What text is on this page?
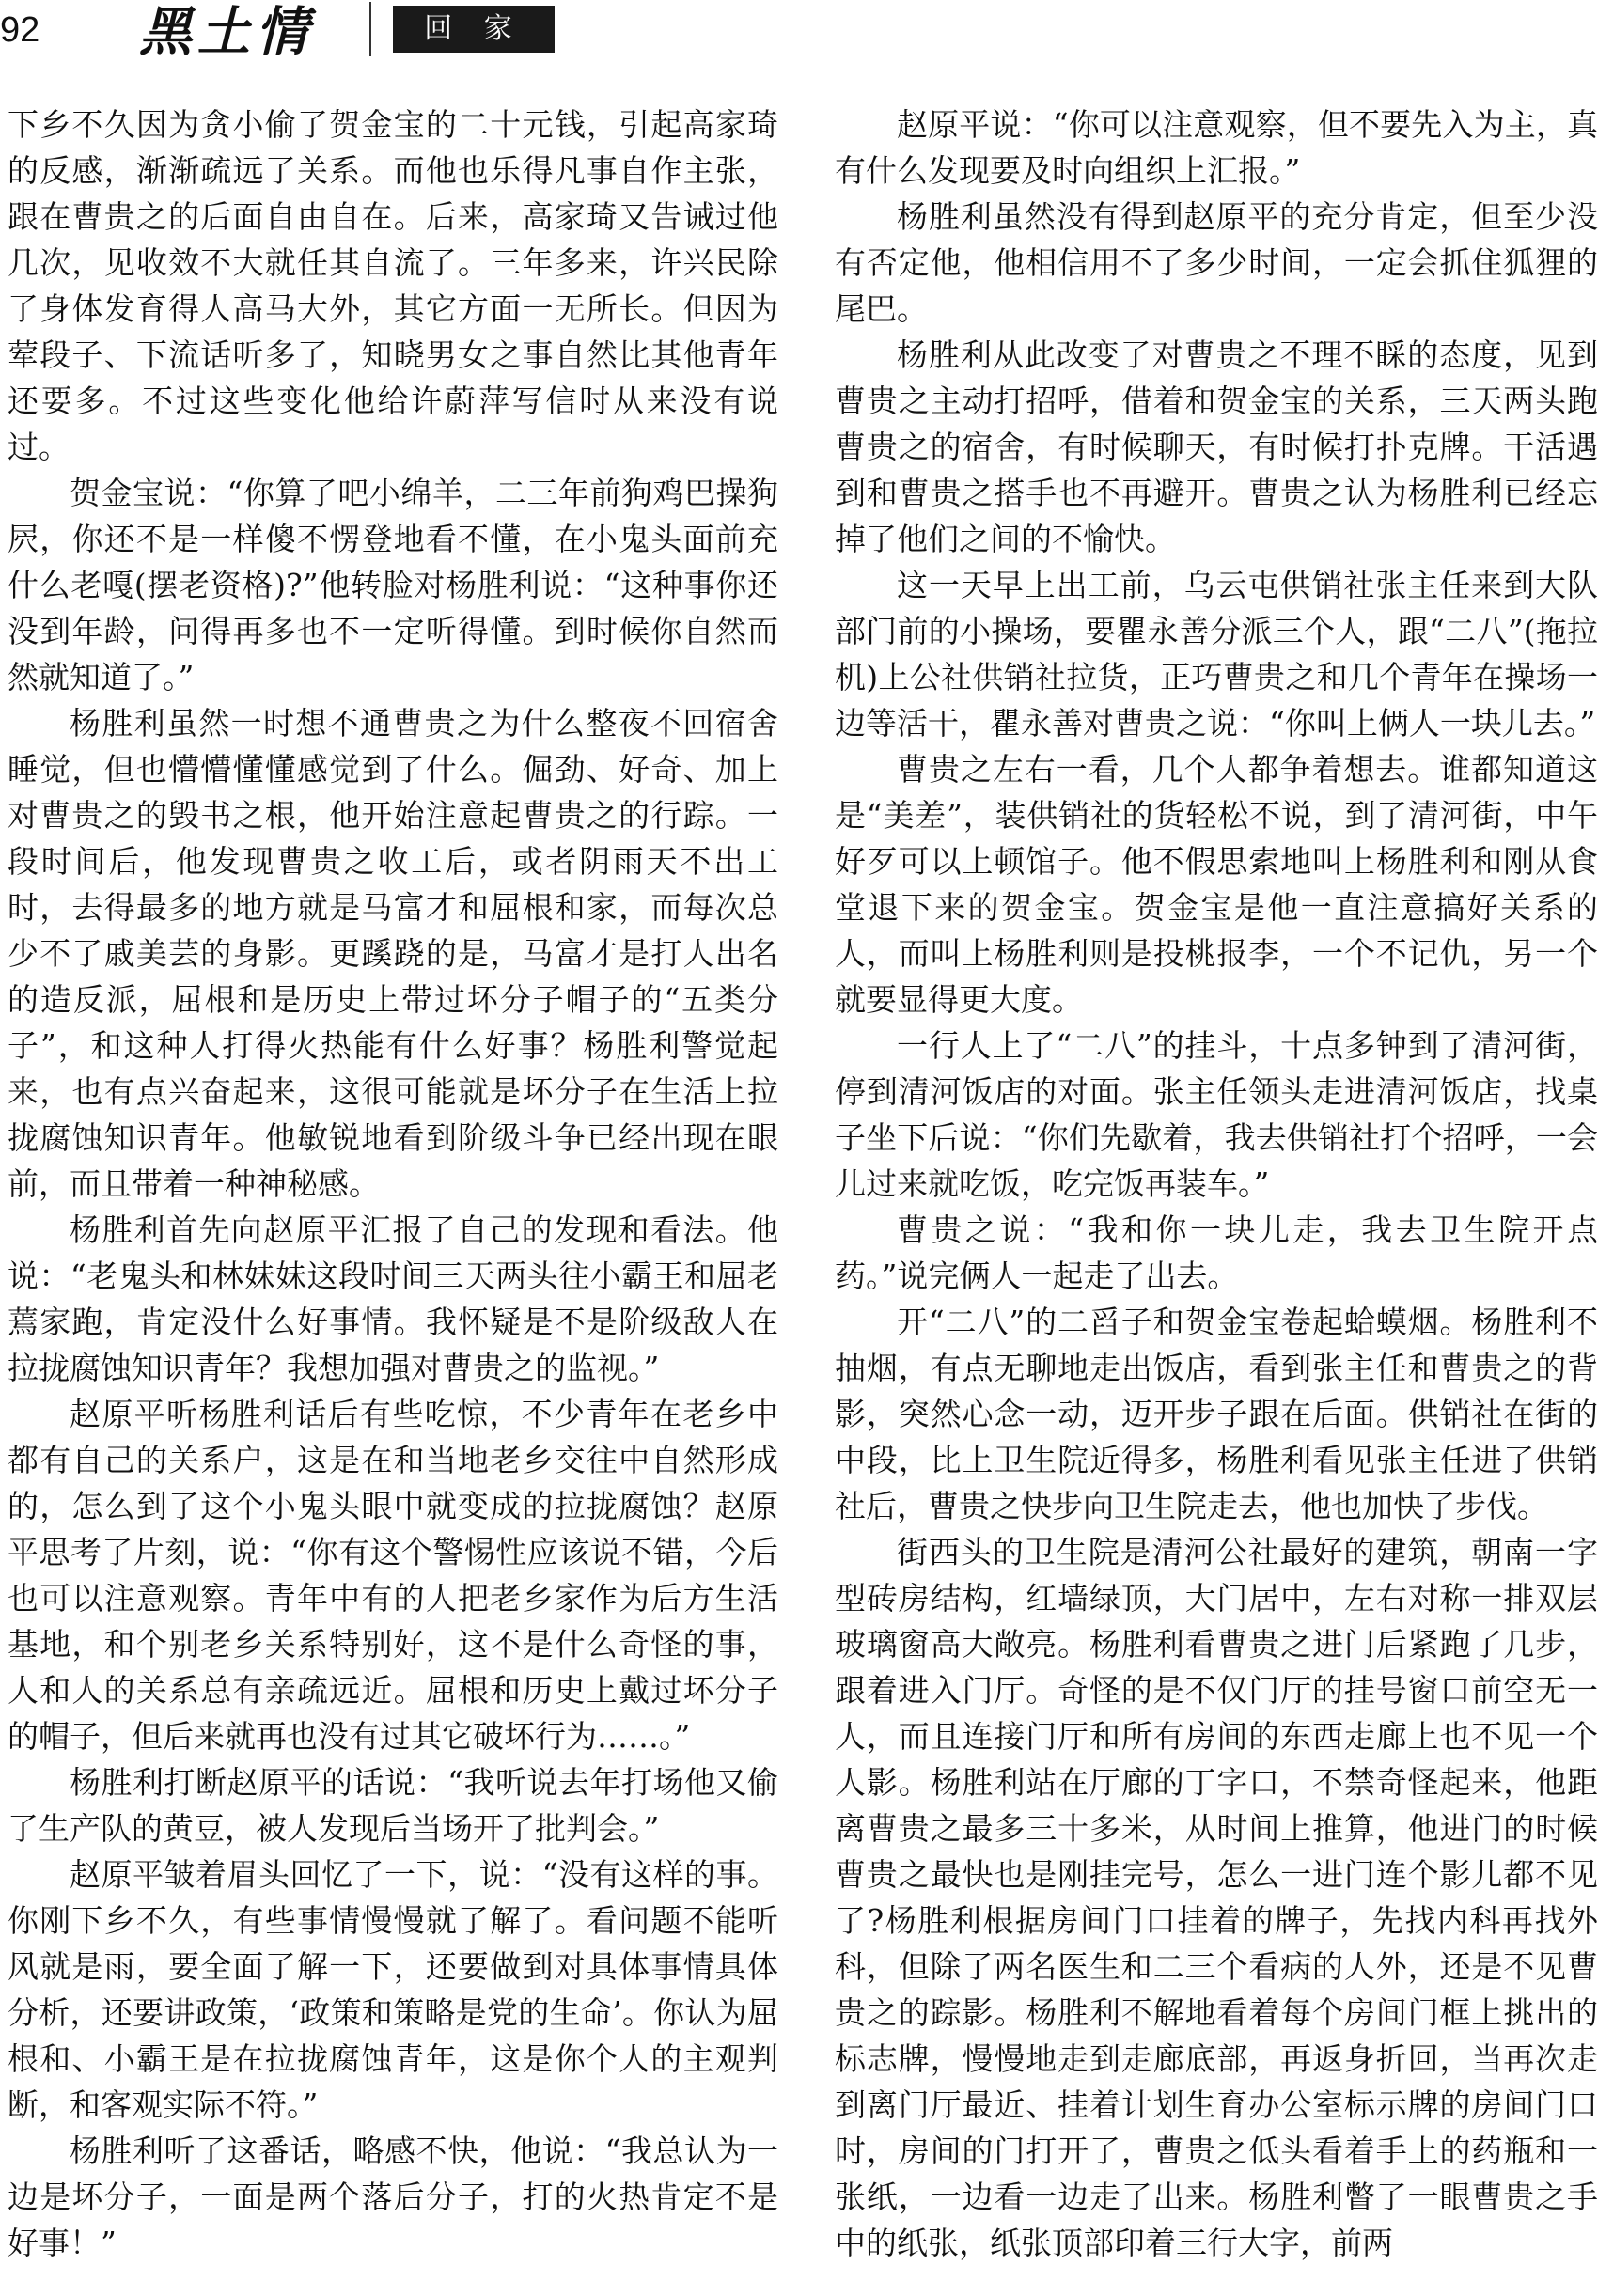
92 黑土情	回 家

下乡不久因为贪小偷了贺金宝的二十元钱，引起高家琦的反感，渐渐疏远了关系。而他也乐得凡事自作主张，跟在曹贵之的后面自由自在。后来，高家琦又告诫过他几次，见收效不大就任其自流了。三年多来，许兴民除了身体发育得人高马大外，其它方面一无所长。但因为荤段子、下流话听多了，知晓男女之事自然比其他青年还要多。不过这些变化他给许蔚萍写信时从来没有说过。

贺金宝说：“你算了吧小绵羊，二三年前狗鸡巴操狗屄，你还不是一样傻不愣登地看不懂，在小鬼头面前充什么老嘎(摆老资格)?”他转脸对杨胜利说：“这种事你还没到年龄，问得再多也不一定听得懂。到时候你自然而然就知道了。”

杨胜利虽然一时想不通曹贵之为什么整夜不回宿舍睡觉，但也懵懵懂懂感觉到了什么。倔劲、好奇、加上对曹贵之的毁书之根，他开始注意起曹贵之的行踪。一段时间后，他发现曹贵之收工后，或者阴雨天不出工时，去得最多的地方就是马富才和屈根和家，而每次总少不了戚美芸的身影。更蹊跷的是，马富才是打人出名的造反派，屈根和是历史上带过坏分子帽子的“五类分子”，和这种人打得火热能有什么好事？杨胜利警觉起来，也有点兴奋起来，这很可能就是坏分子在生活上拉拢腐蚀知识青年。他敏锐地看到阶级斗争已经出现在眼前，而且带着一种神秘感。

杨胜利首先向赵原平汇报了自己的发现和看法。他说：“老鬼头和林妹妹这段时间三天两头往小霸王和屈老蔫家跑，肯定没什么好事情。我怀疑是不是阶级敌人在拉拢腐蚀知识青年？我想加强对曹贵之的监视。”

赵原平听杨胜利话后有些吃惊，不少青年在老乡中都有自己的关系户，这是在和当地老乡交往中自然形成的，怎么到了这个小鬼头眼中就变成的拉拢腐蚀？赵原平思考了片刻，说：“你有这个警惕性应该说不错，今后也可以注意观察。青年中有的人把老乡家作为后方生活基地，和个别老乡关系特别好，这不是什么奇怪的事，人和人的关系总有亲疏远近。屈根和历史上戴过坏分子的帽子，但后来就再也没有过其它破坏行为……。”

杨胜利打断赵原平的话说：“我听说去年打场他又偷了生产队的黄豆，被人发现后当场开了批判会。”

赵原平皱着眉头回忆了一下，说：“没有这样的事。你刚下乡不久，有些事情慢慢就了解了。看问题不能听风就是雨，要全面了解一下，还要做到对具体事情具体分析，还要讲政策，‘政策和策略是党的生命’。你认为屈根和、小霸王是在拉拢腐蚀青年，这是你个人的主观判断，和客观实际不符。”

杨胜利听了这番话，略感不快，他说：“我总认为一边是坏分子，一面是两个落后分子，打的火热肯定不是好事！”

赵原平说：“你可以注意观察，但不要先入为主，真有什么发现要及时向组织上汇报。”

杨胜利虽然没有得到赵原平的充分肯定，但至少没有否定他，他相信用不了多少时间，一定会抓住狐狸的尾巴。

杨胜利从此改变了对曹贵之不理不睬的态度，见到曹贵之主动打招呼，借着和贺金宝的关系，三天两头跑曹贵之的宿舍，有时候聊天，有时候打扑克牌。干活遇到和曹贵之搭手也不再避开。曹贵之认为杨胜利已经忘掉了他们之间的不愉快。

这一天早上出工前，乌云屯供销社张主任来到大队部门前的小操场，要瞿永善分派三个人，跟“二八”(拖拉机)上公社供销社拉货，正巧曹贵之和几个青年在操场一边等活干，瞿永善对曹贵之说：“你叫上俩人一块儿去。”

曹贵之左右一看，几个人都争着想去。谁都知道这是“美差”，装供销社的货轻松不说，到了清河街，中午好歹可以上顿馆子。他不假思索地叫上杨胜利和刚从食堂退下来的贺金宝。贺金宝是他一直注意搞好关系的人，而叫上杨胜利则是投桃报李，一个不记仇，另一个就要显得更大度。

一行人上了“二八”的挂斗，十点多钟到了清河街，停到清河饭店的对面。张主任领头走进清河饭店，找桌子坐下后说：“你们先歇着，我去供销社打个招呼，一会儿过来就吃饭，吃完饭再装车。”

曹贵之说：“我和你一块儿走，我去卫生院开点药。”说完俩人一起走了出去。

开“二八”的二舀子和贺金宝卷起蛤蟆烟。杨胜利不抽烟，有点无聊地走出饭店，看到张主任和曹贵之的背影，突然心念一动，迈开步子跟在后面。供销社在街的中段，比上卫生院近得多，杨胜利看见张主任进了供销社后，曹贵之快步向卫生院走去，他也加快了步伐。

街西头的卫生院是清河公社最好的建筑，朝南一字型砖房结构，红墙绿顶，大门居中，左右对称一排双层玻璃窗高大敞亮。杨胜利看曹贵之进门后紧跑了几步，跟着进入门厅。奇怪的是不仅门厅的挂号窗口前空无一人，而且连接门厅和所有房间的东西走廊上也不见一个人影。杨胜利站在厅廊的丁字口，不禁奇怪起来，他距离曹贵之最多三十多米，从时间上推算，他进门的时候曹贵之最快也是刚挂完号，怎么一进门连个影儿都不见了?杨胜利根据房间门口挂着的牌子，先找内科再找外科，但除了两名医生和二三个看病的人外，还是不见曹贵之的踪影。杨胜利不解地看着每个房间门框上挑出的标志牌，慢慢地走到走廊底部，再返身折回，当再次走到离门厅最近、挂着计划生育办公室标示牌的房间门口时，房间的门打开了，曹贵之低头看着手上的药瓶和一张纸，一边看一边走了出来。杨胜利瞥了一眼曹贵之手中的纸张，纸张顶部印着三行大字，前两
